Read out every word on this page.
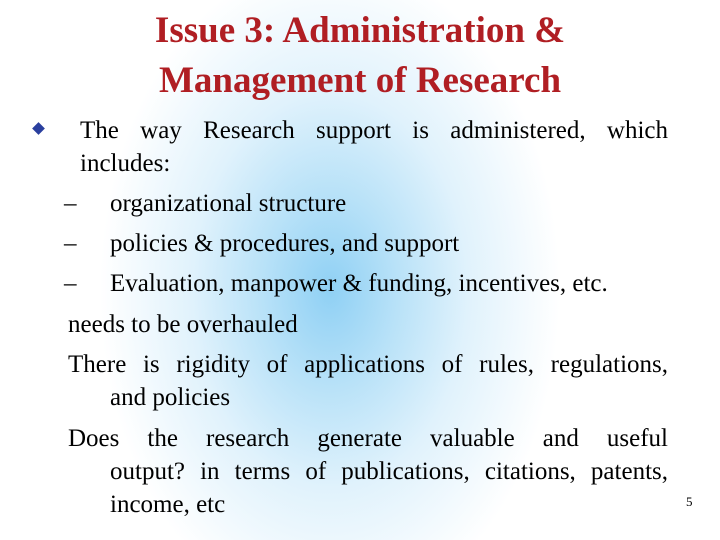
Issue 3: Administration &
Management of Research
The way Research support is administered, which
includes:
– organizational structure
– policies & procedures, and support
– Evaluation, manpower & funding, incentives, etc.
needs to be overhauled
There is rigidity of applications of rules, regulations,
and policies
Does the research generate valuable and useful
output? in terms of publications, citations, patents,
income, etc	5
